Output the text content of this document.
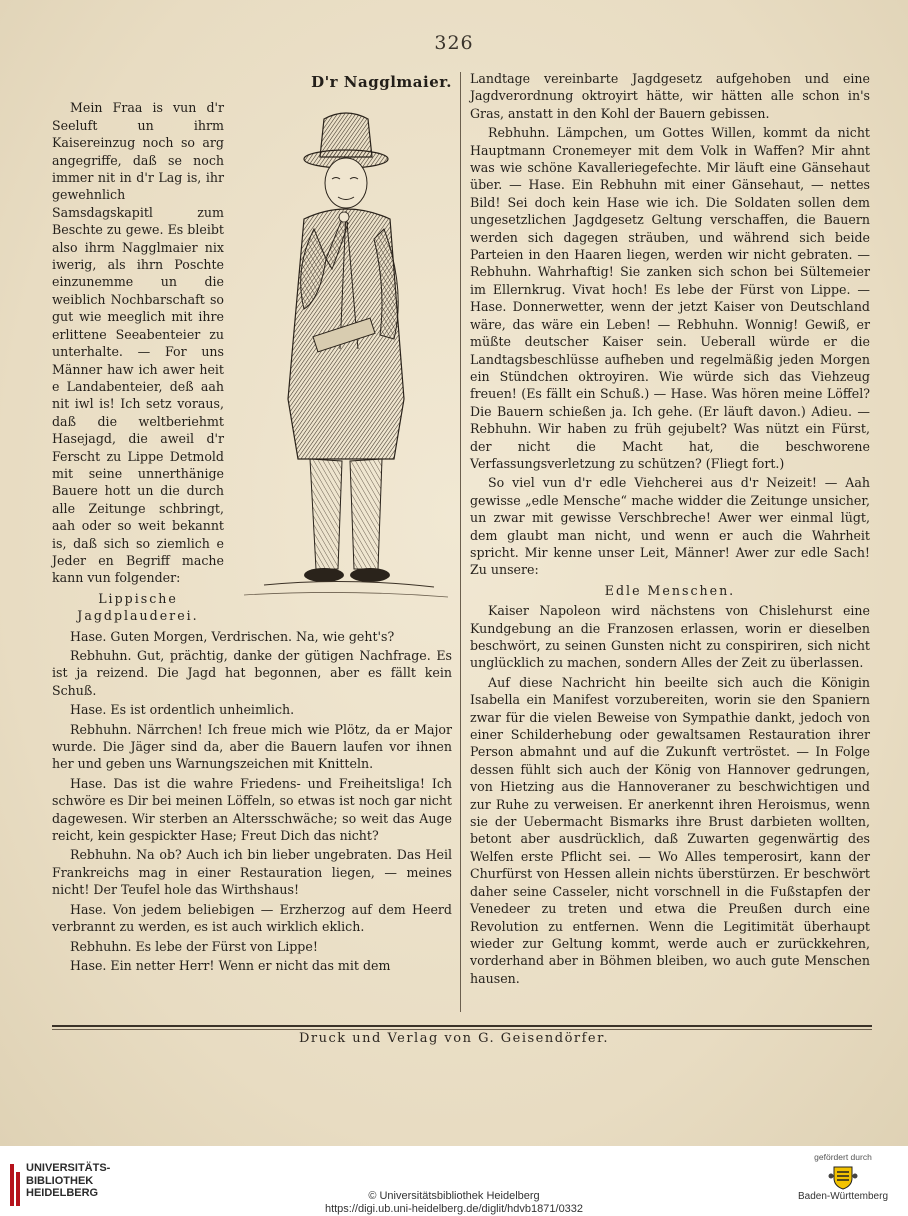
326
D'r Nagglmaier.

Mein Fraa is vun d'r Seeluft un ihrm Kaisereinzug noch so arg angegriffe, daß se noch immer nit in d'r Lag is, ihr gewehnlich Samsdagskapitl zum Beschte zu gewe. Es bleibt also ihrm Nagglmaier nix iwerig, als ihrn Poschte einzunemme un die weiblich Nochbarschaft so gut wie meeglich mit ihre erlittene Seeabenteier zu unterhalte. — For uns Männer haw ich awer heit e Landabenteier, deß aah nit iwl is! Ich setz voraus, daß die weltberiehmt Hasejagd, die aweil d'r Ferscht zu Lippe Detmold mit seine unnerthänige Bauere hott un die durch alle Zeitunge schbringt, aah oder so weit bekannt is, daß sich so ziemlich e Jeder en Begriff mache kann vun folgender:

Lippische Jagdplauderei.

Hase. Guten Morgen, Verdrischen. Na, wie geht's?

Rebhuhn. Gut, prächtig, danke der gütigen Nachfrage. Es ist ja reizend. Die Jagd hat begonnen, aber es fällt kein Schuß.

Hase. Es ist ordentlich unheimlich.

Rebhuhn. Närrchen! Ich freue mich wie Plötz, da er Major wurde. Die Jäger sind da, aber die Bauern laufen vor ihnen her und geben uns Warnungszeichen mit Knitteln.

Hase. Das ist die wahre Friedens- und Freiheitsliga! Ich schwöre es Dir bei meinen Löffeln, so etwas ist noch gar nicht dagewesen. Wir sterben an Altersschwäche; so weit das Auge reicht, kein gespickter Hase; Freut Dich das nicht?

Rebhuhn. Na ob? Auch ich bin lieber ungebraten. Das Heil Frankreichs mag in einer Restauration liegen, — meines nicht! Der Teufel hole das Wirthshaus!

Hase. Von jedem beliebigen — Erzherzog auf dem Heerd verbrannt zu werden, es ist auch wirklich eklich.

Rebhuhn. Es lebe der Fürst von Lippe!

Hase. Ein netter Herr! Wenn er nicht das mit dem

Landtage vereinbarte Jagdgesetz aufgehoben und eine Jagdverordnung oktroyirt hätte, wir hätten alle schon in's Gras, anstatt in den Kohl der Bauern gebissen.

Rebhuhn. Lämpchen, um Gottes Willen, kommt da nicht Hauptmann Cronemeyer mit dem Volk in Waffen? Mir ahnt was wie schöne Kavalleriegefechte. Mir läuft eine Gänsehaut über. — Hase. Ein Rebhuhn mit einer Gänsehaut, — nettes Bild! Sei doch kein Hase wie ich. Die Soldaten sollen dem ungesetzlichen Jagdgesetz Geltung verschaffen, die Bauern werden sich dagegen sträuben, und während sich beide Parteien in den Haaren liegen, werden wir nicht gebraten. — Rebhuhn. Wahrhaftig! Sie zanken sich schon bei Sültemeier im Ellernkrug. Vivat hoch! Es lebe der Fürst von Lippe. — Hase. Donnerwetter, wenn der jetzt Kaiser von Deutschland wäre, das wäre ein Leben! — Rebhuhn. Wonnig! Gewiß, er müßte deutscher Kaiser sein. Ueberall würde er die Landtagsbeschlüsse aufheben und regelmäßig jeden Morgen ein Stündchen oktroyiren. Wie würde sich das Viehzeug freuen! (Es fällt ein Schuß.) — Hase. Was hören meine Löffel? Die Bauern schießen ja. Ich gehe. (Er läuft davon.) Adieu. — Rebhuhn. Wir haben zu früh gejubelt? Was nützt ein Fürst, der nicht die Macht hat, die beschworene Verfassungsverletzung zu schützen? (Fliegt fort.)

So viel vun d'r edle Viehcherei aus d'r Neizeit! — Aah gewisse „edle Mensche“ mache widder die Zeitunge unsicher, un zwar mit gewisse Verschbreche! Awer wer einmal lügt, dem glaubt man nicht, und wenn er auch die Wahrheit spricht. Mir kenne unser Leit, Männer! Awer zur edle Sach! Zu unsere:

Edle Menschen.

Kaiser Napoleon wird nächstens von Chislehurst eine Kundgebung an die Franzosen erlassen, worin er dieselben beschwört, zu seinen Gunsten nicht zu conspiriren, sich nicht unglücklich zu machen, sondern Alles der Zeit zu überlassen.

Auf diese Nachricht hin beeilte sich auch die Königin Isabella ein Manifest vorzubereiten, worin sie den Spaniern zwar für die vielen Beweise von Sympathie dankt, jedoch von einer Schilderhebung oder gewaltsamen Restauration ihrer Person abmahnt und auf die Zukunft vertröstet. — In Folge dessen fühlt sich auch der König von Hannover gedrungen, von Hietzing aus die Hannoveraner zu beschwichtigen und zur Ruhe zu verweisen. Er anerkennt ihren Heroismus, wenn sie der Uebermacht Bismarks ihre Brust darbieten wollten, betont aber ausdrücklich, daß Zuwarten gegenwärtig des Welfen erste Pflicht sei. — Wo Alles temperosirt, kann der Churfürst von Hessen allein nichts überstürzen. Er beschwört daher seine Casseler, nicht vorschnell in die Fußstapfen der Venedeer zu treten und etwa die Preußen durch eine Revolution zu entfernen. Wenn die Legitimität überhaupt wieder zur Geltung kommt, werde auch er zurückkehren, vorderhand aber in Böhmen bleiben, wo auch gute Menschen hausen.

Druck und Verlag von G. Geisendörfer.
UNIVERSITÄTS-
BIBLIOTHEK
HEIDELBERG	© Universitätsbibliothek Heidelberg
https://digi.ub.uni-heidelberg.de/diglit/hdvb1871/0332
gefördert durch
Baden-Württemberg
